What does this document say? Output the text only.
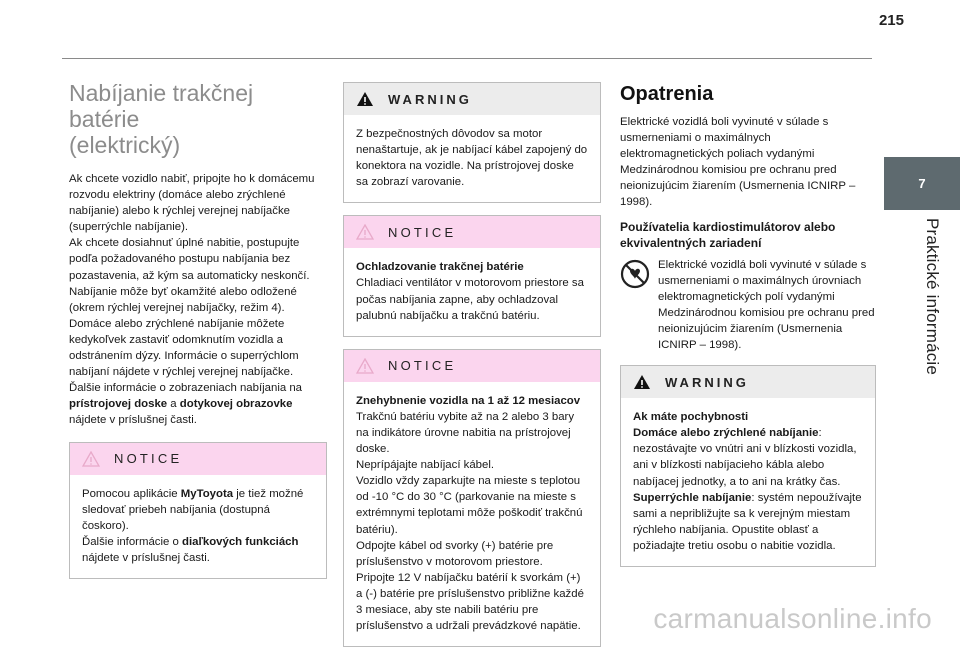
215
7
Praktické informácie
Nabíjanie trakčnej batérie
(elektrický)

Ak chcete vozidlo nabiť, pripojte ho k domácemu rozvodu elektriny (domáce alebo zrýchlené nabíjanie) alebo k rýchlej verejnej nabíjačke (superrýchle nabíjanie).

Ak chcete dosiahnuť úplné nabitie, postupujte podľa požadovaného postupu nabíjania bez pozastavenia, až kým sa automaticky neskončí.

Nabíjanie môže byť okamžité alebo odložené (okrem rýchlej verejnej nabíjačky, režim 4).

Domáce alebo zrýchlené nabíjanie môžete kedykoľvek zastaviť odomknutím vozidla a odstránením dýzy. Informácie o superrýchlom nabíjaní nájdete v rýchlej verejnej nabíjačke.

Ďalšie informácie o zobrazeniach nabíjania na prístrojovej doske a dotykovej obrazovke nájdete v príslušnej časti.

NOTICE

Pomocou aplikácie MyToyota je tiež možné sledovať priebeh nabíjania (dostupná čoskoro).

Ďalšie informácie o diaľkových funkciách nájdete v príslušnej časti.

WARNING

Z bezpečnostných dôvodov sa motor nenaštartuje, ak je nabíjací kábel zapojený do konektora na vozidle. Na prístrojovej doske sa zobrazí varovanie.

NOTICE

Ochladzovanie trakčnej batérie

Chladiaci ventilátor v motorovom priestore sa počas nabíjania zapne, aby ochladzoval palubnú nabíjačku a trakčnú batériu.

NOTICE

Znehybnenie vozidla na 1 až 12 mesiacov

Trakčnú batériu vybite až na 2 alebo 3 bary na indikátore úrovne nabitia na prístrojovej doske.

Neprípájajte nabíjací kábel.

Vozidlo vždy zaparkujte na mieste s teplotou od -10 °C do 30 °C (parkovanie na mieste s extrémnymi teplotami môže poškodiť trakčnú batériu).

Odpojte kábel od svorky (+) batérie pre príslušenstvo v motorovom priestore.

Pripojte 12 V nabíjačku batérií k svorkám (+) a (-) batérie pre príslušenstvo približne každé 3 mesiace, aby ste nabili batériu pre príslušenstvo a udržali prevádzkové napätie.

Opatrenia

Elektrické vozidlá boli vyvinuté v súlade s usmerneniami o maximálnych elektromagnetických poliach vydanými Medzinárodnou komisiou pre ochranu pred neionizujúcim žiarením (Usmernenia ICNIRP – 1998).

Používatelia kardiostimulátorov alebo ekvivalentných zariadení

Elektrické vozidlá boli vyvinuté v súlade s usmerneniami o maximálnych úrovniach elektromagnetických polí vydanými Medzinárodnou komisiou pre ochranu pred neionizujúcim žiarením (Usmernenia ICNIRP – 1998).

WARNING

Ak máte pochybnosti

Domáce alebo zrýchlené nabíjanie: nezostávajte vo vnútri ani v blízkosti vozidla, ani v blízkosti nabíjacieho kábla alebo nabíjacej jednotky, a to ani na krátky čas.

Superrýchle nabíjanie: systém nepoužívajte sami a nepribližujte sa k verejným miestam rýchleho nabíjania. Opustite oblasť a požiadajte tretiu osobu o nabitie vozidla.

carmanualsonline.info
